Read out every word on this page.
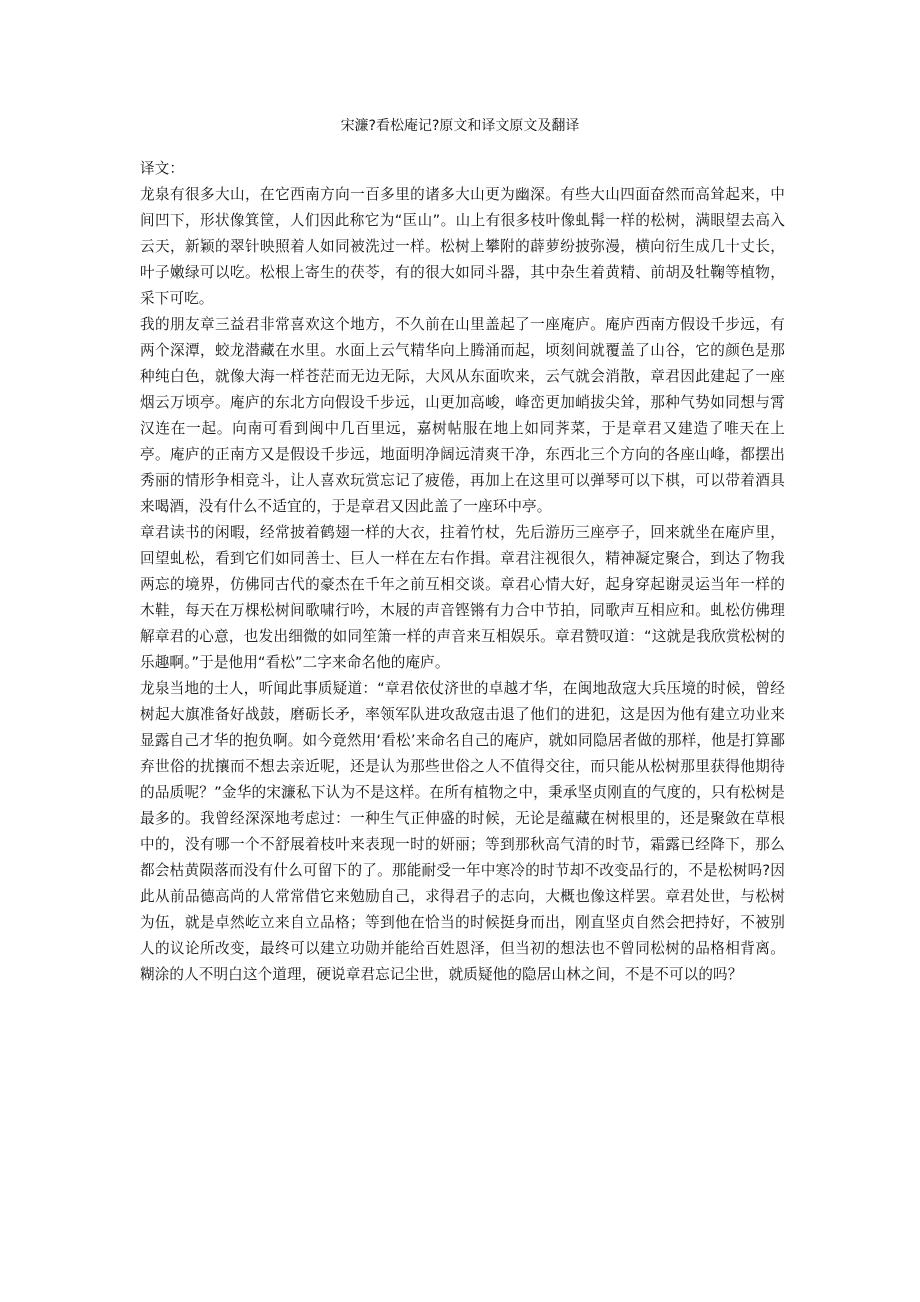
宋濂?看松庵记?原文和译文原文及翻译

译文：

龙泉有很多大山，在它西南方向一百多里的诸多大山更为幽深。有些大山四面奋然而高耸起来，中间凹下，形状像箕筐，人们因此称它为“匡山”。山上有很多枝叶像虬髯一样的松树，满眼望去高入云天，新颖的翠针映照着人如同被洗过一样。松树上攀附的薜萝纷披弥漫，横向衍生成几十丈长，叶子嫩绿可以吃。松根上寄生的茯苓，有的很大如同斗器，其中杂生着黄精、前胡及牡鞠等植物，采下可吃。

我的朋友章三益君非常喜欢这个地方，不久前在山里盖起了一座庵庐。庵庐西南方假设千步远，有两个深潭，蛟龙潜藏在水里。水面上云气精华向上腾涌而起，顷刻间就覆盖了山谷，它的颜色是那种纯白色，就像大海一样苍茫而无边无际，大风从东面吹来，云气就会消散，章君因此建起了一座烟云万顷亭。庵庐的东北方向假设千步远，山更加高峻，峰峦更加峭拔尖耸，那种气势如同想与霄汉连在一起。向南可看到闽中几百里远，嘉树帖服在地上如同荠菜，于是章君又建造了唯天在上亭。庵庐的正南方又是假设千步远，地面明净阔远清爽干净，东西北三个方向的各座山峰，都摆出秀丽的情形争相竞斗，让人喜欢玩赏忘记了疲倦，再加上在这里可以弹琴可以下棋，可以带着酒具来喝酒，没有什么不适宜的，于是章君又因此盖了一座环中亭。

章君读书的闲暇，经常披着鹤翅一样的大衣，拄着竹杖，先后游历三座亭子，回来就坐在庵庐里，回望虬松，看到它们如同善士、巨人一样在左右作揖。章君注视很久，精神凝定聚合，到达了物我两忘的境界，仿佛同古代的豪杰在千年之前互相交谈。章君心情大好，起身穿起谢灵运当年一样的木鞋，每天在万棵松树间歌啸行吟，木屐的声音铿锵有力合中节拍，同歌声互相应和。虬松仿佛理解章君的心意，也发出细微的如同笙箫一样的声音来互相娱乐。章君赞叹道：“这就是我欣赏松树的乐趣啊。”于是他用“看松”二字来命名他的庵庐。

龙泉当地的士人，听闻此事质疑道：“章君依仗济世的卓越才华，在闽地敌寇大兵压境的时候，曾经树起大旗准备好战鼓，磨砺长矛，率领军队进攻敌寇击退了他们的进犯，这是因为他有建立功业来显露自己才华的抱负啊。如今竟然用‘看松’来命名自己的庵庐，就如同隐居者做的那样，他是打算鄙弃世俗的扰攘而不想去亲近呢，还是认为那些世俗之人不值得交往，而只能从松树那里获得他期待的品质呢？”金华的宋濂私下认为不是这样。在所有植物之中，秉承坚贞刚直的气度的，只有松树是最多的。我曾经深深地考虑过：一种生气正伸盛的时候，无论是蕴藏在树根里的，还是聚敛在草根中的，没有哪一个不舒展着枝叶来表现一时的妍丽；等到那秋高气清的时节，霜露已经降下，那么都会枯黄陨落而没有什么可留下的了。那能耐受一年中寒冷的时节却不改变品行的，不是松树吗?因此从前品德高尚的人常常借它来勉励自己，求得君子的志向，大概也像这样罢。章君处世，与松树为伍，就是卓然屹立来自立品格；等到他在恰当的时候挺身而出，刚直坚贞自然会把持好，不被别人的议论所改变，最终可以建立功勋并能给百姓恩泽，但当初的想法也不曾同松树的品格相背离。糊涂的人不明白这个道理，硬说章君忘记尘世，就质疑他的隐居山林之间，不是不可以的吗？
